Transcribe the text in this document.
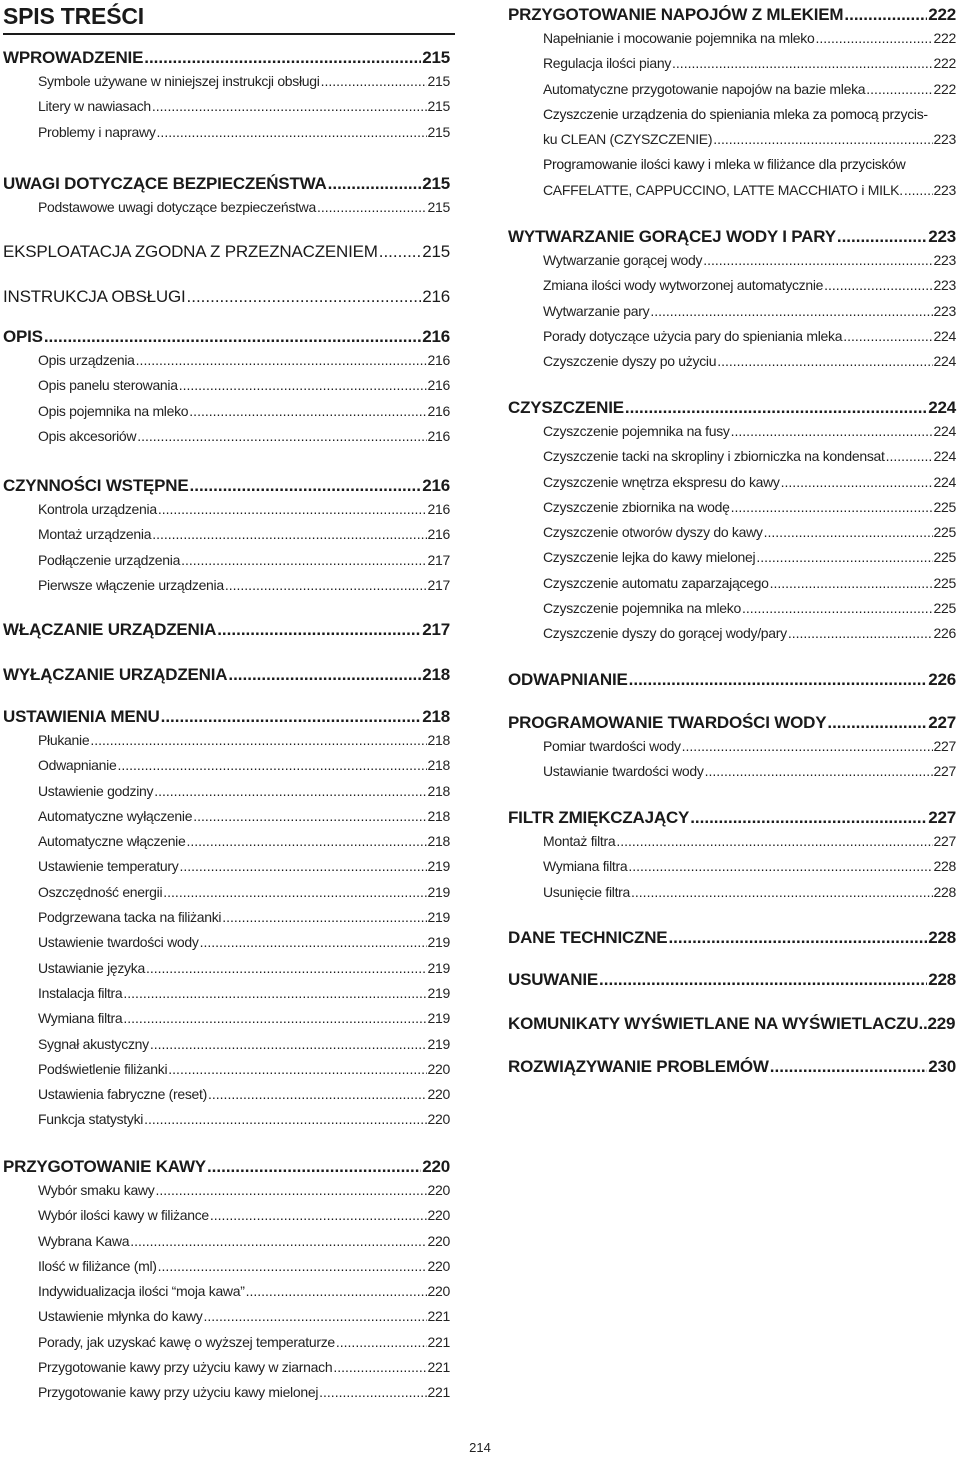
SPIS TREŚCI
WPROWADZENIE .....	215
Symbole używane w niniejszej instrukcji obsługi .....	215
Litery w nawiasach .....	215
Problemy i naprawy .....	215
UWAGI DOTYCZĄCE BEZPIECZEŃSTWA .....	215
Podstawowe uwagi dotyczące bezpieczeństwa .....	215
EKSPLOATACJA ZGODNA Z PRZEZNACZENIEM .....	215
INSTRUKCJA OBSŁUGI .....	216
OPIS .....	216
Opis urządzenia .....	216
Opis panelu sterowania .....	216
Opis pojemnika na mleko .....	216
Opis akcesoriów .....	216
CZYNNOŚCI WSTĘPNE .....	216
Kontrola urządzenia .....	216
Montaż urządzenia .....	216
Podłączenie urządzenia .....	217
Pierwsze włączenie urządzenia .....	217
WŁĄCZANIE URZĄDZENIA .....	217
WYŁĄCZANIE URZĄDZENIA .....	218
USTAWIENIA MENU .....	218
Płukanie .....	218
Odwapnianie .....	218
Ustawienie godziny .....	218
Automatyczne wyłączenie .....	218
Automatyczne włączenie .....	218
Ustawienie temperatury .....	219
Oszczędność energii .....	219
Podgrzewana tacka na filiżanki .....	219
Ustawienie twardości wody .....	219
Ustawianie języka .....	219
Instalacja filtra .....	219
Wymiana filtra .....	219
Sygnał akustyczny .....	219
Podświetlenie filiżanki .....	220
Ustawienia fabryczne (reset) .....	220
Funkcja statystyki .....	220
PRZYGOTOWANIE KAWY .....	220
Wybór smaku kawy .....	220
Wybór ilości kawy w filiżance .....	220
Wybrana Kawa .....	220
Ilość w filiżance (ml) .....	220
Indywidualizacja ilości “moja kawa” .....	220
Ustawienie młynka do kawy .....	221
Porady, jak uzyskać kawę o wyższej temperaturze .....	221
Przygotowanie kawy przy użyciu kawy w ziarnach .....	221
Przygotowanie kawy przy użyciu kawy mielonej .....	221
PRZYGOTOWANIE NAPOJÓW Z MLEKIEM .....	222
Napełnianie i mocowanie pojemnika na mleko .....	222
Regulacja ilości piany .....	222
Automatyczne przygotowanie napojów na bazie mleka .....	222
Czyszczenie urządzenia do spieniania mleka za pomocą przycis-
ku CLEAN (CZYSZCZENIE) .....	223
Programowanie ilości kawy i mleka w filiżance dla przycisków
CAFFELATTE, CAPPUCCINO, LATTE MACCHIATO i MILK. ..... 223
WYTWARZANIE GORĄCEJ WODY I PARY .....	223
Wytwarzanie gorącej wody .....	223
Zmiana ilości wody wytworzonej automatycznie .....	223
Wytwarzanie pary .....	223
Porady dotyczące użycia pary do spieniania mleka .....	224
Czyszczenie dyszy po użyciu .....	224
CZYSZCZENIE .....	224
Czyszczenie pojemnika na fusy .....	224
Czyszczenie tacki na skropliny i zbiorniczka na kondensat .....	224
Czyszczenie wnętrza ekspresu do kawy .....	224
Czyszczenie zbiornika na wodę .....	225
Czyszczenie otworów dyszy do kawy .....	225
Czyszczenie lejka do kawy mielonej .....	225
Czyszczenie automatu zaparzającego .....	225
Czyszczenie pojemnika na mleko .....	225
Czyszczenie dyszy do gorącej wody/pary .....	226
ODWAPNIANIE .....	226
PROGRAMOWANIE TWARDOŚCI WODY .....	227
Pomiar twardości wody .....	227
Ustawianie twardości wody .....	227
FILTR ZMIĘKCZAJĄCY .....	227
Montaż filtra .....	227
Wymiana filtra .....	228
Usunięcie filtra .....	228
DANE TECHNICZNE .....	228
USUWANIE .....	228
KOMUNIKATY WYŚWIETLANE NA WYŚWIETLACZU .. 229
ROZWIĄZYWANIE PROBLEMÓW .....	230
214
